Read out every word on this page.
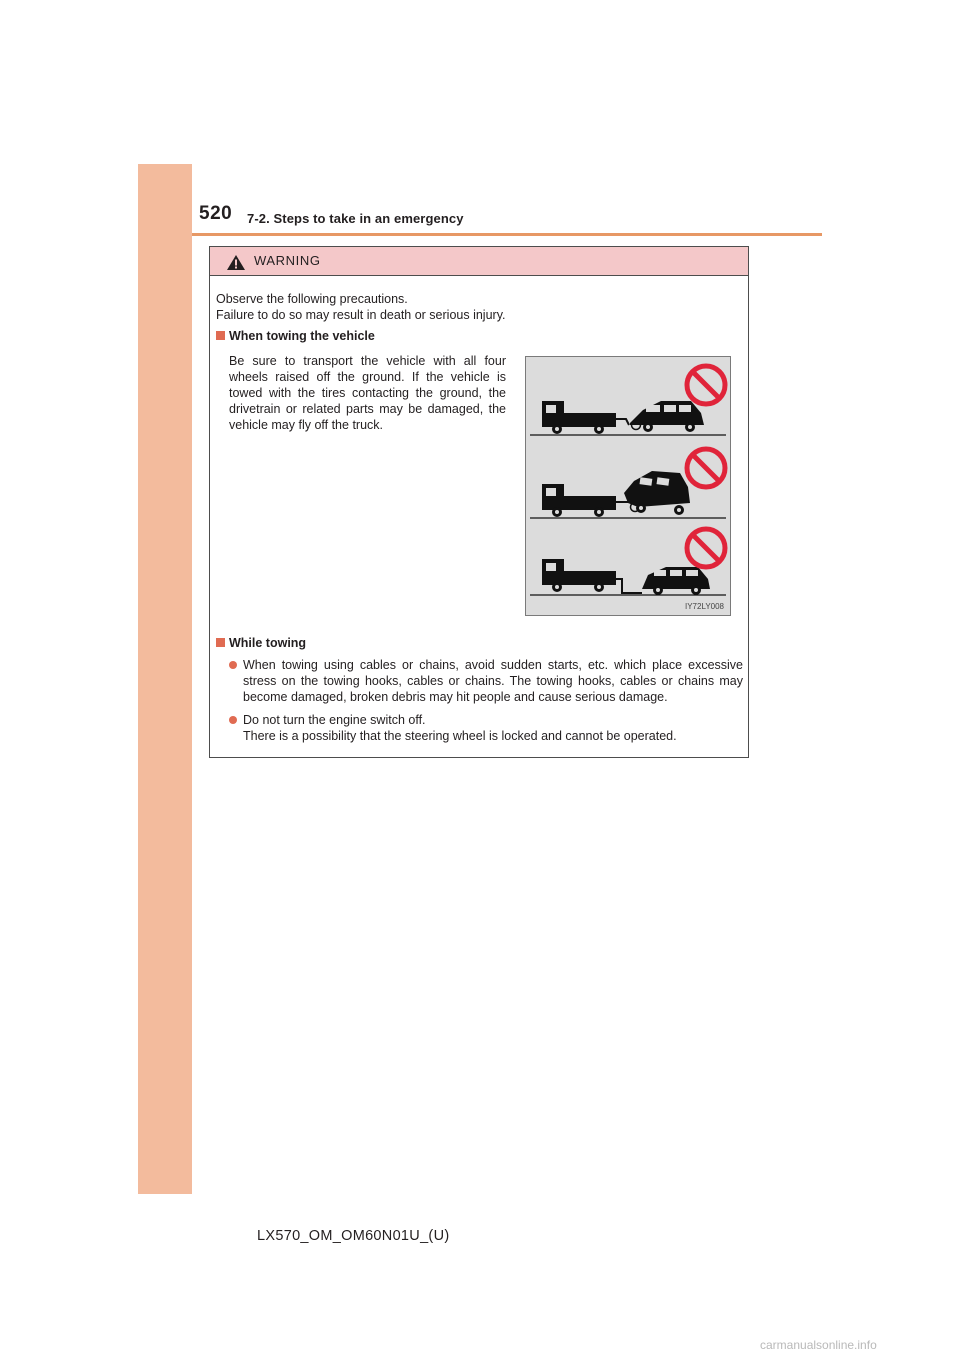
520 7-2. Steps to take in an emergency
WARNING
Observe the following precautions.
Failure to do so may result in death or serious injury.
When towing the vehicle
Be sure to transport the vehicle with all four wheels raised off the ground. If the vehicle is towed with the tires contacting the ground, the drivetrain or related parts may be damaged, the vehicle may fly off the truck.
IY72LY008
While towing
When towing using cables or chains, avoid sudden starts, etc. which place excessive stress on the towing hooks, cables or chains. The towing hooks, cables or chains may become damaged, broken debris may hit people and cause serious damage.
Do not turn the engine switch off.
There is a possibility that the steering wheel is locked and cannot be operated.
LX570_OM_OM60N01U_(U)
carmanualsonline.info
